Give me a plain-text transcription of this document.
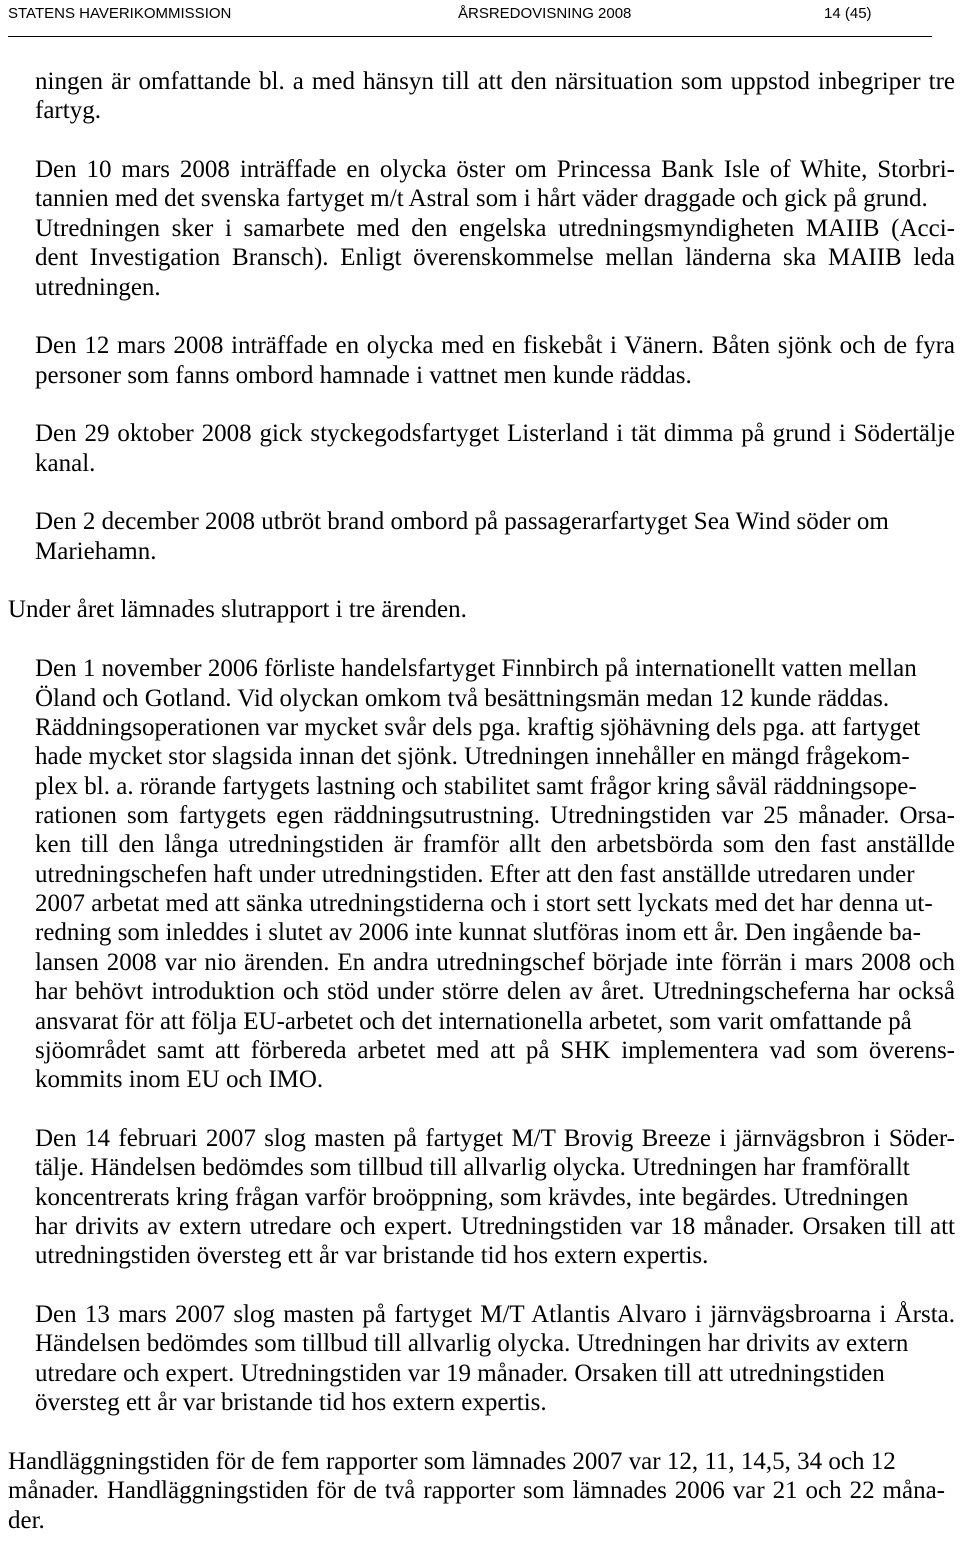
STATENS HAVERIKOMMISSION	ÅRSREDOVISNING 2008	14 (45)
ningen är omfattande bl. a med hänsyn till att den närsituation som uppstod inbegriper tre
fartyg.
Den 10 mars 2008 inträffade en olycka öster om Princessa Bank Isle of White, Storbri-
tannien med det svenska fartyget m/t Astral som i hårt väder draggade och gick på grund.
Utredningen sker i samarbete med den engelska utredningsmyndigheten MAIIB (Acci-
dent Investigation Bransch). Enligt överenskommelse mellan länderna ska MAIIB leda
utredningen.
Den 12 mars 2008 inträffade en olycka med en fiskebåt i Vänern. Båten sjönk och de fyra
personer som fanns ombord hamnade i vattnet men kunde räddas.
Den 29 oktober 2008 gick styckegodsfartyget Listerland i tät dimma på grund i Södertälje
kanal.
Den 2 december 2008 utbröt brand ombord på passagerarfartyget Sea Wind söder om
Mariehamn.
Under året lämnades slutrapport i tre ärenden.
Den 1 november 2006 förliste handelsfartyget Finnbirch på internationellt vatten mellan
Öland och Gotland. Vid olyckan omkom två besättningsmän medan 12 kunde räddas.
Räddningsoperationen var mycket svår dels pga. kraftig sjöhävning dels pga. att fartyget
hade mycket stor slagsida innan det sjönk. Utredningen innehåller en mängd frågekom-
plex bl. a. rörande fartygets lastning och stabilitet samt frågor kring såväl räddningsope-
rationen som fartygets egen räddningsutrustning. Utredningstiden var 25 månader. Orsa-
ken till den långa utredningstiden är framför allt den arbetsbörda som den fast anställde
utredningschefen haft under utredningstiden. Efter att den fast anställde utredaren under
2007 arbetat med att sänka utredningstiderna och i stort sett lyckats med det har denna ut-
redning som inleddes i slutet av 2006 inte kunnat slutföras inom ett år. Den ingående ba-
lansen 2008 var nio ärenden. En andra utredningschef började inte förrän i mars 2008 och
har behövt introduktion och stöd under större delen av året. Utredningscheferna har också
ansvarat för att följa EU-arbetet och det internationella arbetet, som varit omfattande på
sjöområdet samt att förbereda arbetet med att på SHK implementera vad som överens-
kommits inom EU och IMO.
Den 14 februari 2007 slog masten på fartyget M/T Brovig Breeze i järnvägsbron i Söder-
tälje. Händelsen bedömdes som tillbud till allvarlig olycka. Utredningen har framförallt
koncentrerats kring frågan varför broöppning, som krävdes, inte begärdes. Utredningen
har drivits av extern utredare och expert. Utredningstiden var 18 månader. Orsaken till att
utredningstiden översteg ett år var bristande tid hos extern expertis.
Den 13 mars 2007 slog masten på fartyget M/T Atlantis Alvaro i järnvägsbroarna i Årsta.
Händelsen bedömdes som tillbud till allvarlig olycka. Utredningen har drivits av extern
utredare och expert. Utredningstiden var 19 månader. Orsaken till att utredningstiden
översteg ett år var bristande tid hos extern expertis.
Handläggningstiden för de fem rapporter som lämnades 2007 var 12, 11, 14,5, 34 och 12
månader. Handläggningstiden för de två rapporter som lämnades 2006 var 21 och 22 måna-
der.
